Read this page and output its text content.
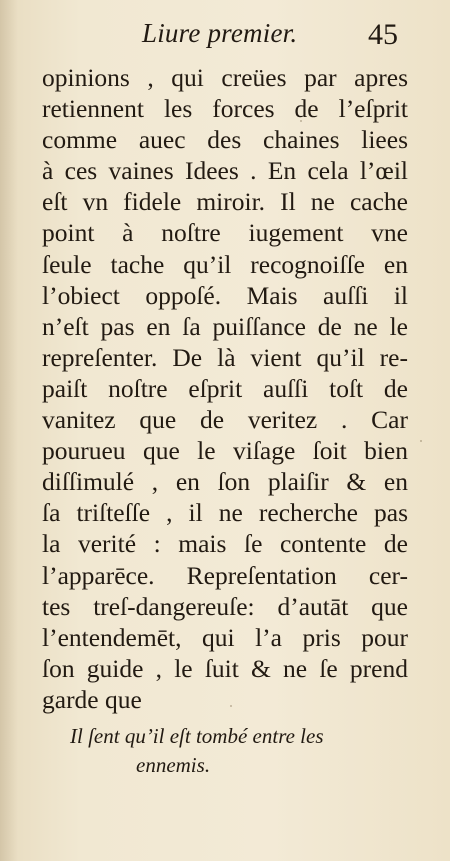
Liure premier. 45
opinions , qui creües par apres
retiennent les forces de l’eſprit
comme auec des chaines liees
à ces vaines Idees . En cela l’œil
eſt vn fidele miroir. Il ne cache
point à noſtre iugement vne
ſeule tache qu’il recognoiſſe en
l’obiect oppoſé. Mais auſſi il
n’eſt pas en ſa puiſſance de ne le
repreſenter. De là vient qu’il re-
paiſt noſtre eſprit auſſi toſt de
vanitez que de veritez . Car
pourueu que le viſage ſoit bien
diſſimulé , en ſon plaiſir & en
ſa triſteſſe , il ne recherche pas
la verité : mais ſe contente de
l’apparēce. Repreſentation cer-
tes treſ-dangereuſe: d’autāt que
l’entendemēt, qui l’a pris pour
ſon guide , le ſuit & ne ſe prend
garde que
Il ſent qu’il eſt tombé entre les
ennemis.
